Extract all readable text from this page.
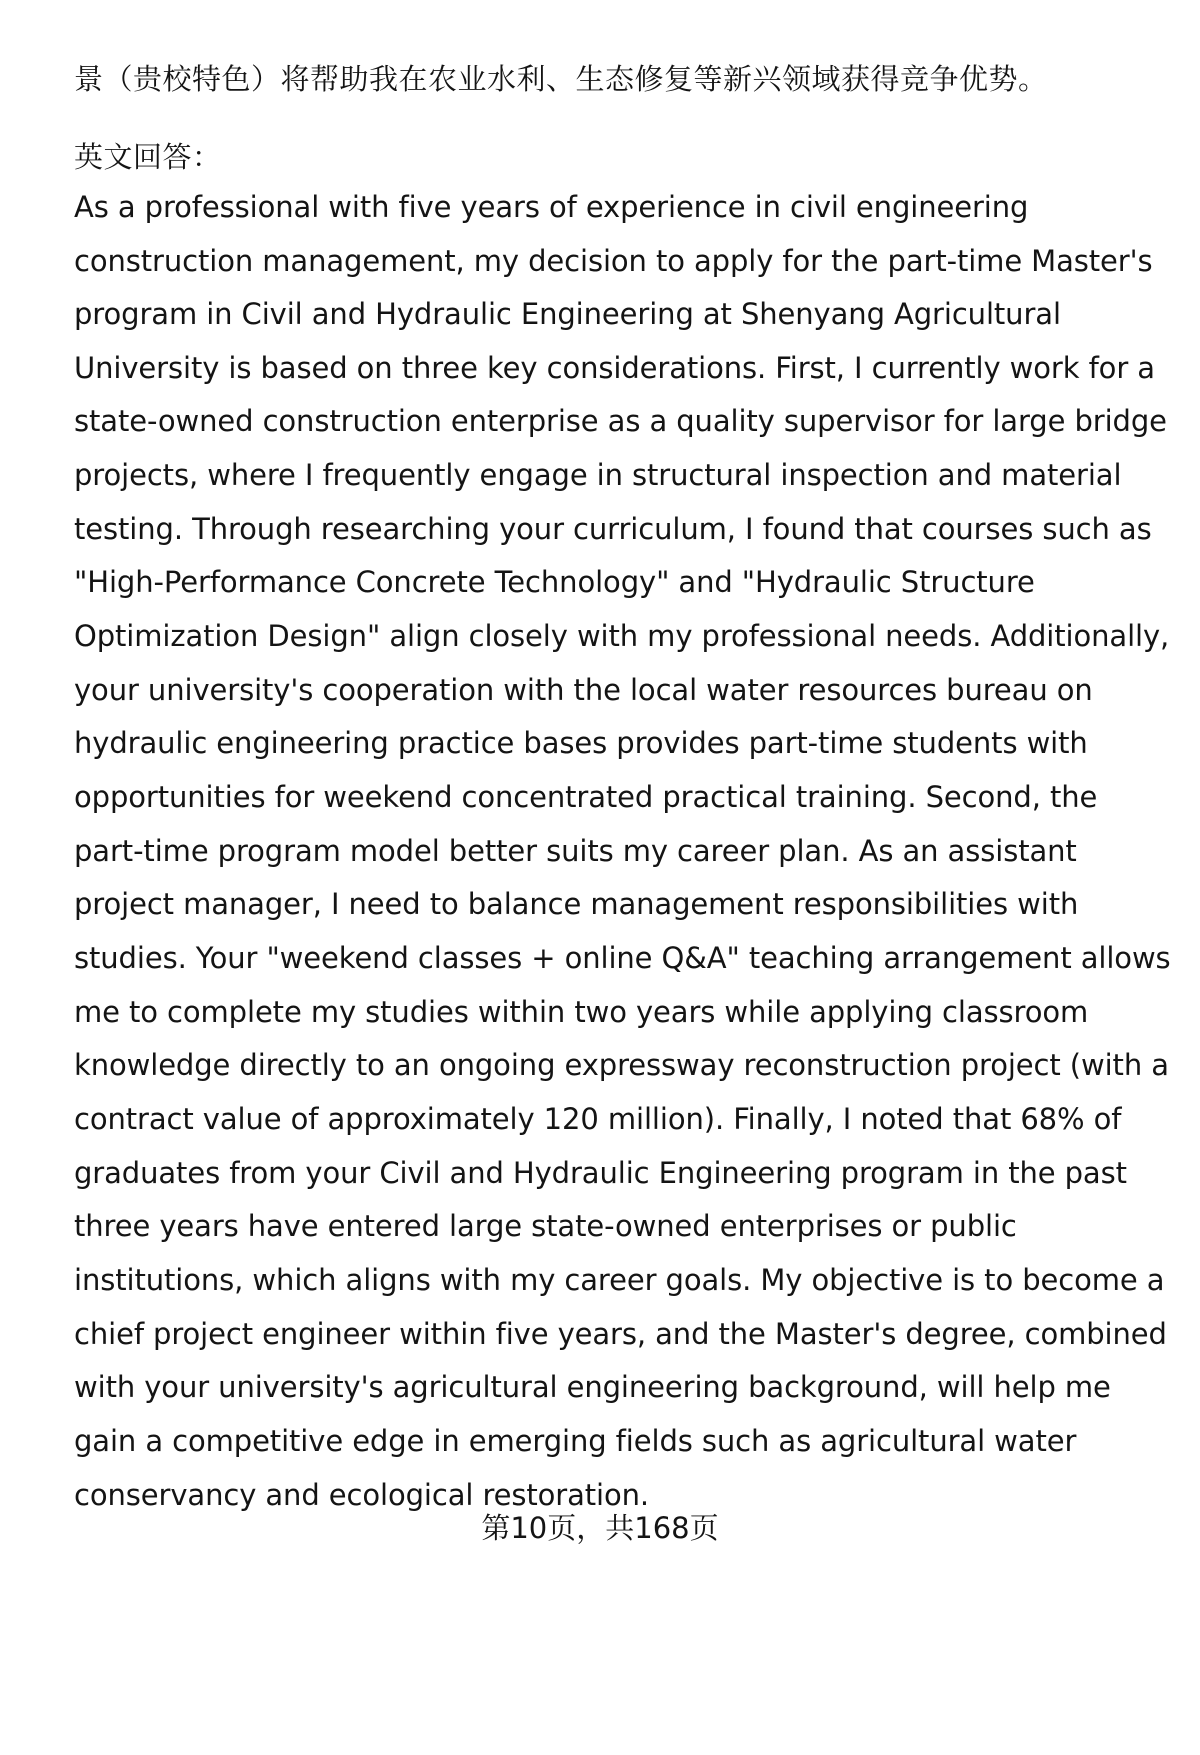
景（贵校特色）将帮助我在农业水利、生态修复等新兴领域获得竞争优势。
英文回答：
As a professional with five years of experience in civil engineering
construction management, my decision to apply for the part-time Master's
program in Civil and Hydraulic Engineering at Shenyang Agricultural
University is based on three key considerations. First, I currently work for a
state-owned construction enterprise as a quality supervisor for large bridge
projects, where I frequently engage in structural inspection and material
testing. Through researching your curriculum, I found that courses such as
"High-Performance Concrete Technology" and "Hydraulic Structure
Optimization Design" align closely with my professional needs. Additionally,
your university's cooperation with the local water resources bureau on
hydraulic engineering practice bases provides part-time students with
opportunities for weekend concentrated practical training. Second, the
part-time program model better suits my career plan. As an assistant
project manager, I need to balance management responsibilities with
studies. Your "weekend classes + online Q&A" teaching arrangement allows
me to complete my studies within two years while applying classroom
knowledge directly to an ongoing expressway reconstruction project (with a
contract value of approximately 120 million). Finally, I noted that 68% of
graduates from your Civil and Hydraulic Engineering program in the past
three years have entered large state-owned enterprises or public
institutions, which aligns with my career goals. My objective is to become a
chief project engineer within five years, and the Master's degree, combined
with your university's agricultural engineering background, will help me
gain a competitive edge in emerging fields such as agricultural water
conservancy and ecological restoration.
第10页，共168页
